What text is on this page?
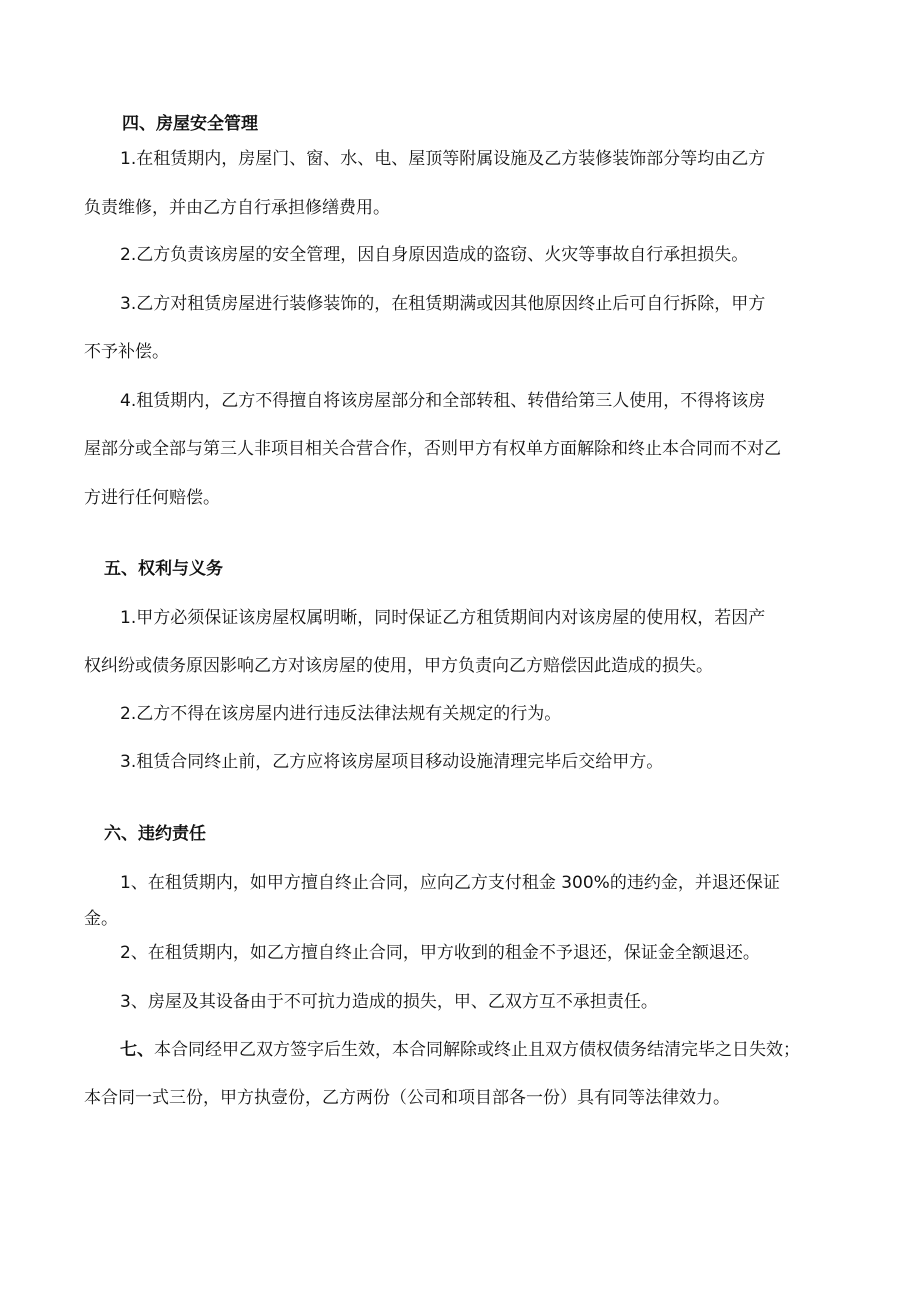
四、房屋安全管理

1.在租赁期内，房屋门、窗、水、电、屋顶等附属设施及乙方装修装饰部分等均由乙方

负责维修，并由乙方自行承担修缮费用。

2.乙方负责该房屋的安全管理，因自身原因造成的盗窃、火灾等事故自行承担损失。

3.乙方对租赁房屋进行装修装饰的，在租赁期满或因其他原因终止后可自行拆除，甲方

不予补偿。

4.租赁期内，乙方不得擅自将该房屋部分和全部转租、转借给第三人使用，不得将该房

屋部分或全部与第三人非项目相关合营合作，否则甲方有权单方面解除和终止本合同而不对乙

方进行任何赔偿。

五、权利与义务

1.甲方必须保证该房屋权属明晰，同时保证乙方租赁期间内对该房屋的使用权，若因产

权纠纷或债务原因影响乙方对该房屋的使用，甲方负责向乙方赔偿因此造成的损失。

2.乙方不得在该房屋内进行违反法律法规有关规定的行为。

3.租赁合同终止前，乙方应将该房屋项目移动设施清理完毕后交给甲方。

六、违约责任

1、在租赁期内，如甲方擅自终止合同，应向乙方支付租金 300%的违约金，并退还保证

金。

2、在租赁期内，如乙方擅自终止合同，甲方收到的租金不予退还，保证金全额退还。

3、房屋及其设备由于不可抗力造成的损失，甲、乙双方互不承担责任。

七、本合同经甲乙双方签字后生效，本合同解除或终止且双方债权债务结清完毕之日失效；

本合同一式三份，甲方执壹份，乙方两份（公司和项目部各一份）具有同等法律效力。
